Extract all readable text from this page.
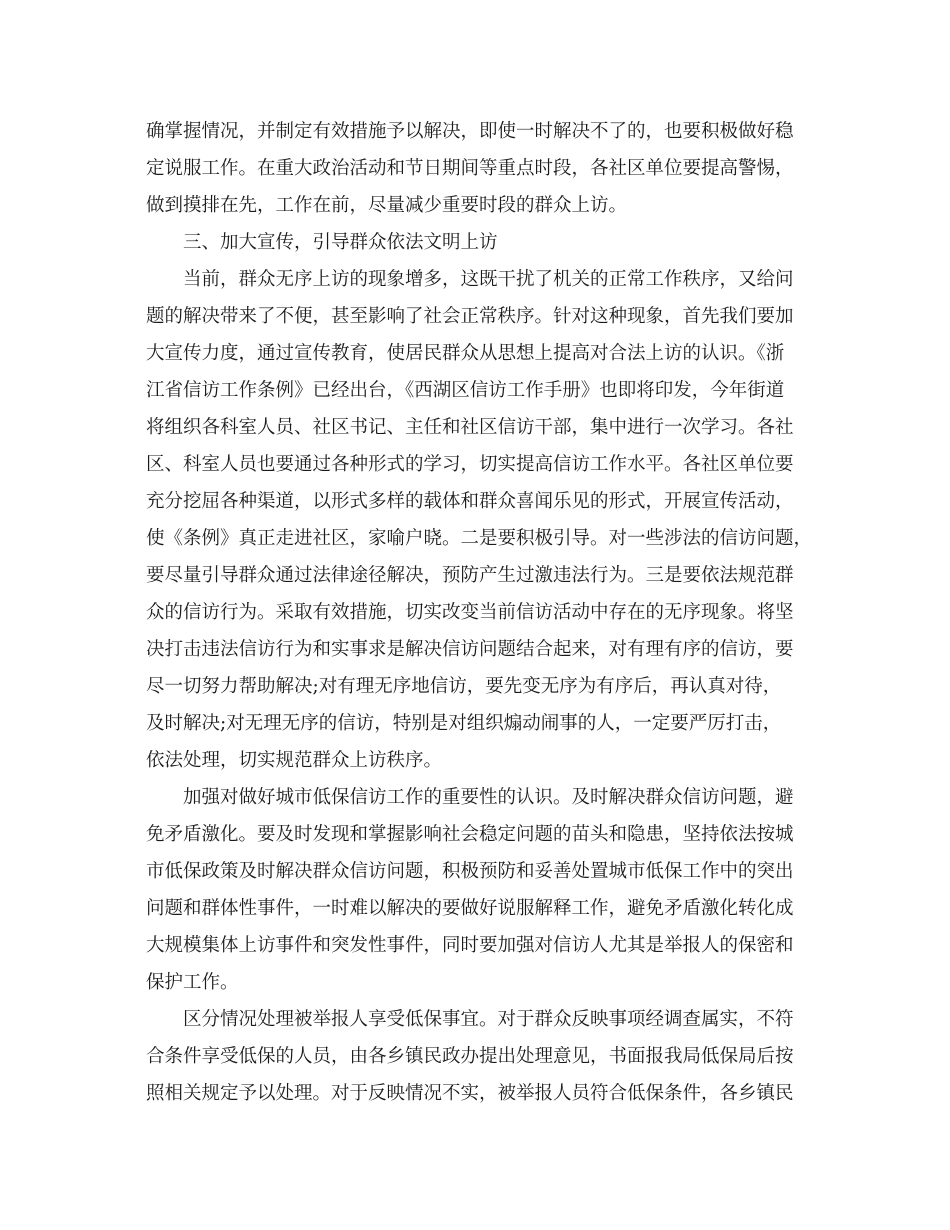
确掌握情况，并制定有效措施予以解决，即使一时解决不了的，也要积极做好稳

定说服工作。在重大政治活动和节日期间等重点时段，各社区单位要提高警惕，

做到摸排在先，工作在前，尽量减少重要时段的群众上访。

三、加大宣传，引导群众依法文明上访

当前，群众无序上访的现象增多，这既干扰了机关的正常工作秩序，又给问

题的解决带来了不便，甚至影响了社会正常秩序。针对这种现象，首先我们要加

大宣传力度，通过宣传教育，使居民群众从思想上提高对合法上访的认识。《浙

江省信访工作条例》已经出台，《西湖区信访工作手册》也即将印发，今年街道

将组织各科室人员、社区书记、主任和社区信访干部，集中进行一次学习。各社

区、科室人员也要通过各种形式的学习，切实提高信访工作水平。各社区单位要

充分挖屈各种渠道，以形式多样的载体和群众喜闻乐见的形式，开展宣传活动，

使《条例》真正走进社区，家喻户晓。二是要积极引导。对一些涉法的信访问题，

要尽量引导群众通过法律途径解决，预防产生过激违法行为。三是要依法规范群

众的信访行为。采取有效措施，切实改变当前信访活动中存在的无序现象。将坚

决打击违法信访行为和实事求是解决信访问题结合起来，对有理有序的信访，要

尽一切努力帮助解决;对有理无序地信访，要先变无序为有序后，再认真对待，

及时解决;对无理无序的信访，特别是对组织煽动闹事的人，一定要严厉打击，

依法处理，切实规范群众上访秩序。

加强对做好城市低保信访工作的重要性的认识。及时解决群众信访问题，避

免矛盾激化。要及时发现和掌握影响社会稳定问题的苗头和隐患，坚持依法按城

市低保政策及时解决群众信访问题，积极预防和妥善处置城市低保工作中的突出

问题和群体性事件，一时难以解决的要做好说服解释工作，避免矛盾激化转化成

大规模集体上访事件和突发性事件，同时要加强对信访人尤其是举报人的保密和

保护工作。

区分情况处理被举报人享受低保事宜。对于群众反映事项经调查属实，不符

合条件享受低保的人员，由各乡镇民政办提出处理意见，书面报我局低保局后按

照相关规定予以处理。对于反映情况不实，被举报人员符合低保条件，各乡镇民
